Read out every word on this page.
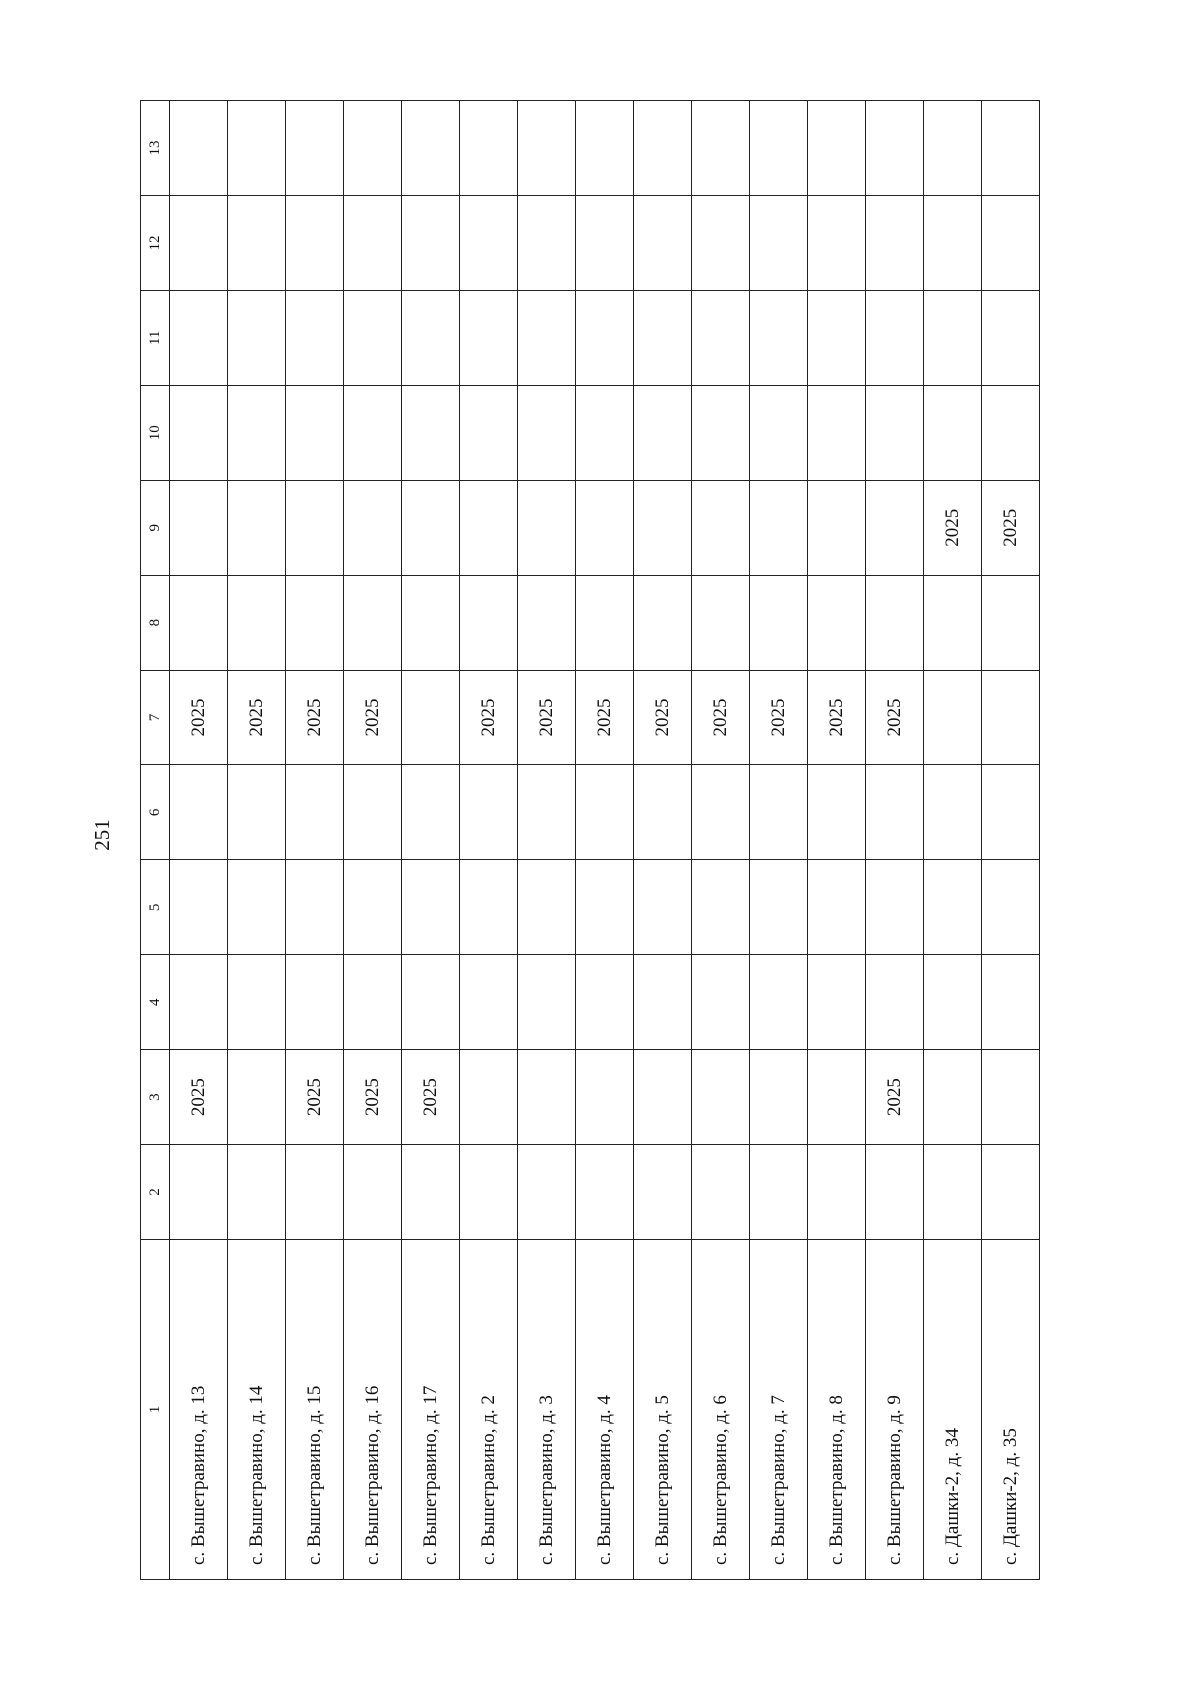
251
1	2	3	4	5	6	7	8	9	10	11	12	13
с. Вышетравино, д. 13		2025				2025						
с. Вышетравино, д. 14						2025						
с. Вышетравино, д. 15		2025				2025						
с. Вышетравино, д. 16		2025				2025						
с. Вышетравино, д. 17		2025										
с. Вышетравино, д. 2						2025						
с. Вышетравино, д. 3						2025						
с. Вышетравино, д. 4						2025						
с. Вышетравино, д. 5						2025						
с. Вышетравино, д. 6						2025						
с. Вышетравино, д. 7						2025						
с. Вышетравино, д. 8						2025						
с. Вышетравино, д. 9		2025				2025						
с. Дашки-2, д. 34								2025				
с. Дашки-2, д. 35								2025				
